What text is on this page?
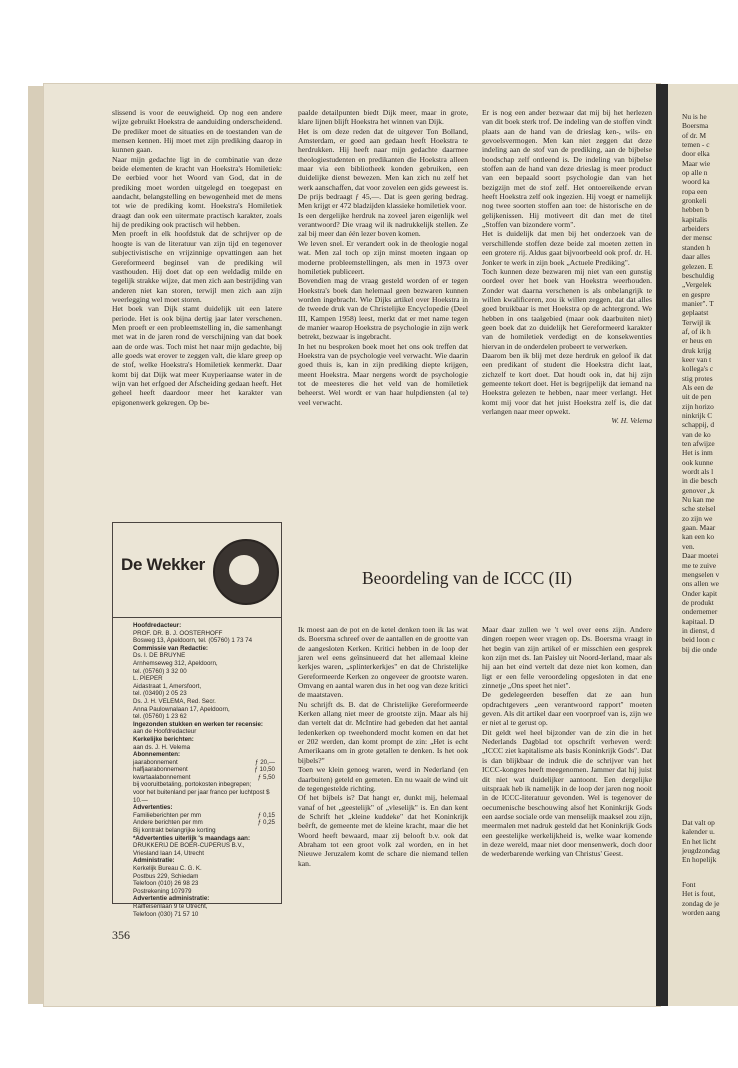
slissend is voor de eeuwigheid. Op nog een andere wijze gebruikt Hoekstra de aanduiding onderscheidend. De prediker moet de situaties en de toestanden van de mensen kennen. Hij moet met zijn prediking daarop in kunnen gaan.

Naar mijn gedachte ligt in de combinatie van deze beide elementen de kracht van Hoekstra's Homiletiek: De eerbied voor het Woord van God, dat in de prediking moet worden uitgelegd en toegepast en aandacht, belangstelling en bewogenheid met de mens tot wie de prediking komt. Hoekstra's Homiletiek draagt dan ook een uitermate practisch karakter, zoals hij de prediking ook practisch wil hebben.

Men proeft in elk hoofdstuk dat de schrijver op de hoogte is van de literatuur van zijn tijd en tegenover subjectivistische en vrijzinnige opvattingen aan het Gereformeerd beginsel van de prediking wil vasthouden. Hij doet dat op een weldadig milde en tegelijk strakke wijze, dat men zich aan bestrijding van anderen niet kan storen, terwijl men zich aan zijn weerlegging wel moet storen.

Het boek van Dijk stamt duidelijk uit een latere periode. Het is ook bijna dertig jaar later verschenen. Men proeft er een probleemstelling in, die samenhangt met wat in de jaren rond de verschijning van dat boek aan de orde was. Toch mist het naar mijn gedachte, bij alle goeds wat erover te zeggen valt, die klare greep op de stof, welke Hoekstra's Homiletiek kenmerkt. Daar komt bij dat Dijk wat meer Kuyperiaanse water in de wijn van het erfgoed der Afscheiding gedaan heeft. Het geheel heeft daardoor meer het karakter van epigonenwerk gekregen. Op be-

paalde detailpunten biedt Dijk meer, maar in grote, klare lijnen blijft Hoekstra het winnen van Dijk.

Het is om deze reden dat de uitgever Ton Bolland, Amsterdam, er goed aan gedaan heeft Hoekstra te herdrukken. Hij heeft naar mijn gedachte daarmee theologiestudenten en predikanten die Hoekstra alleen maar via een bibliotheek konden gebruiken, een duidelijke dienst bewezen. Men kan zich nu zelf het werk aanschaffen, dat voor zovelen een gids geweest is. De prijs bedraagt ƒ 45,—. Dat is geen gering bedrag. Men krijgt er 472 bladzijden klassieke homiletiek voor.

Is een dergelijke herdruk na zoveel jaren eigenlijk wel verantwoord? Die vraag wil ik nadrukkelijk stellen. Ze zal bij meer dan één lezer boven komen.

We leven snel. Er verandert ook in de theologie nogal wat. Men zal toch op zijn minst moeten ingaan op moderne probleemstellingen, als men in 1973 over homiletiek publiceert.

Bovendien mag de vraag gesteld worden of er tegen Hoekstra's boek dan helemaal geen bezwaren kunnen worden ingebracht. Wie Dijks artikel over Hoekstra in de tweede druk van de Christelijke Encyclopedie (Deel III, Kampen 1958) leest, merkt dat er met name tegen de manier waarop Hoekstra de psychologie in zijn werk betrekt, bezwaar is ingebracht.

In het nu besproken boek moet het ons ook treffen dat Hoekstra van de psychologie veel verwacht. Wie daarin goed thuis is, kan in zijn prediking diepte krijgen, meent Hoekstra. Maar nergens wordt de psychologie tot de meesteres die het veld van de homiletiek beheerst. Wel wordt er van haar hulpdiensten (al te) veel verwacht.

Er is nog een ander bezwaar dat mij bij het herlezen van dit boek sterk trof. De indeling van de stoffen vindt plaats aan de hand van de drieslag ken-, wils- en gevoelsvermogen. Men kan niet zeggen dat deze indeling aan de stof van de prediking, aan de bijbelse boodschap zelf ontleend is. De indeling van bijbelse stoffen aan de hand van deze drieslag is meer product van een bepaald soort psychologie dan van het bezigzijn met de stof zelf. Het ontoereikende ervan heeft Hoekstra zelf ook ingezien. Hij voegt er namelijk nog twee soorten stoffen aan toe: de historische en de gelijkenissen. Hij motiveert dit dan met de titel „Stoffen van bizondere vorm".

Het is duidelijk dat men bij het onderzoek van de verschillende stoffen deze beide zal moeten zetten in een grotere rij. Aldus gaat bijvoorbeeld ook prof. dr. H. Jonker te werk in zijn boek „Actuele Prediking".

Toch kunnen deze bezwaren mij niet van een gunstig oordeel over het boek van Hoekstra weerhouden. Zonder wat daarna verschenen is als onbelangrijk te willen kwalificeren, zou ik willen zeggen, dat dat alles goed bruikbaar is met Hoekstra op de achtergrond. We hebben in ons taalgebied (maar ook daarbuiten niet) geen boek dat zo duidelijk het Gereformeerd karakter van de homiletiek verdedigt en de konsekwenties hiervan in de onderdelen probeert te verwerken.

Daarom ben ik blij met deze herdruk en geloof ik dat een predikant of student die Hoekstra dicht laat, zichzelf te kort doet. Dat houdt ook in, dat hij zijn gemeente tekort doet. Het is begrijpelijk dat iemand na Hoekstra gelezen te hebben, naar meer verlangt. Het komt mij voor dat het juist Hoekstra zelf is, die dat verlangen naar meer opwekt.

W. H. Velema

De Wekker
Hoofdredacteur:
PROF. DR. B. J. OOSTERHOFF
Bosweg 13, Apeldoorn, tel. (05760) 1 73 74
Commissie van Redactie:
Ds. I. DE BRUYNE
Arnhemseweg 312, Apeldoorn,
tel. (05760) 3 32 00
L. PIEPER
Aidastraat 1, Amersfoort,
tel. (03490) 2 05 23
Ds. J. H. VELEMA, Red. Secr.
Anna Paulownalaan 17, Apeldoorn,
tel. (05760) 1 23 62
Ingezonden stukken en werken ter recensie:
aan de Hoofdredacteur
Kerkelijke berichten:
aan ds. J. H. Velema
Abonnementen:
jaarabonnement	ƒ 20,—
halfjaarabonnement	ƒ 10,50
kwartaalabonnement	ƒ 5,50
bij vooruitbetaling, portokosten inbegrepen;
voor het buitenland per jaar franco per luchtpost $ 10.—
Advertenties:
Familieberichten per mm	ƒ 0,15
Andere berichten per mm	ƒ 0,25
Bij kontrakt belangrijke korting
*Advertenties uiterlijk 's maandags aan:
DRUKKERIJ DE BOER-CUPERUS B.V.,
Vriesland laan 14, Utrecht
Administratie:
Kerkelijk Bureau C. G. K.
Postbus 229, Schiedam
Telefoon (010) 26 98 23
Postrekening 107979
Advertentie administratie:
Raiffeisenlaan 9 te Utrecht,
Telefoon (030) 71 57 10
Beoordeling van de ICCC (II)

Ik moest aan de pot en de ketel denken toen ik las wat ds. Boersma schreef over de aantallen en de grootte van de aangesloten Kerken. Kritici hebben in de loop der jaren wel eens geïnsinueerd dat het allemaal kleine kerkjes waren, „splinterkerkjes" en dat de Christelijke Gereformeerde Kerken zo ongeveer de grootste waren. Omvang en aantal waren dus in het oog van deze kritici de maatstaven.

Nu schrijft ds. B. dat de Christelijke Gereformeerde Kerken allang niet meer de grootste zijn. Maar als hij dan vertelt dat dr. McIntire had gebeden dat het aantal ledenkerken op tweehonderd mocht komen en dat het er 202 werden, dan komt prompt de zin: „Het is echt Amerikaans om in grote getallen te denken. Is het ook bijbels?"

Toen we klein genoeg waren, werd in Nederland (en daarbuiten) geteld en gemeten. En nu waait de wind uit de tegengestelde richting.

Of het bijbels is? Dat hangt er, dunkt mij, helemaal vanaf of het „geestelijk" of „vleselijk" is. En dan kent de Schrift het „kleine kuddeke" dat het Koninkrijk beërft, de gemeente met de kleine kracht, maar die het Woord heeft bewaard, maar zij belooft b.v. ook dat Abraham tot een groot volk zal worden, en in het Nieuwe Jeruzalem komt de schare die niemand tellen kan.

Maar daar zullen we 't wel over eens zijn. Andere dingen roepen weer vragen op. Ds. Boersma vraagt in het begin van zijn artikel of er misschien een gesprek kon zijn met ds. Ian Paisley uit Noord-Ierland, maar als hij aan het eind vertelt dat deze niet kon komen, dan ligt er een felle veroordeling opgesloten in dat ene zinnetje „Ons speet het niet".

De gedelegeerden beseffen dat ze aan hun opdrachtgevers „een verantwoord rapport" moeten geven. Als dit artikel daar een voorproef van is, zijn we er niet al te gerust op.

Dit geldt wel heel bijzonder van de zin die in het Nederlands Dagblad tot opschrift verheven werd: „ICCC ziet kapitalisme als basis Koninkrijk Gods". Dat is dan blijkbaar de indruk die de schrijver van het ICCC-kongres heeft meegenomen. Jammer dat hij juist dit niet wat duidelijker aantoont. Een dergelijke uitspraak heb ik namelijk in de loop der jaren nog nooit in de ICCC-literatuur gevonden. Wel is tegenover de oecumenische beschouwing alsof het Koninkrijk Gods een aardse sociale orde van menselijk maaksel zou zijn, meermalen met nadruk gesteld dat het Koninkrijk Gods een geestelijke werkelijkheid is, welke waar komende in deze wereld, maar niet door mensenwerk, doch door de wederbarende werking van Christus' Geest.

356
Nu is he
Boersma
of dr. M
temen - c
door elka
Maar wie
op alle n
woord ka
ropa een
gronkeli
hebben b
kapitalis
arbeiders
der mensc
standen h
daar alles
gelezen. E
beschuldig
„Vergelek
en gespre
manier". T
geplaatst
Terwijl ik
af, of ik h
er heus en
druk krijg
keer van t
kollega's c
stig protes
Als een de
uit de pen
zijn horizo
ninkrijk C
schappij, d
van de ko
ten afwijze
Het is inm
ook kunne
wordt als l
in die besch
genover „k
Nu kan me
sche stelsel
zo zijn we
gaan. Maar
kan een ko
ven.
Daar moetei
me te zuive
mengselen v
ons allen we
Onder kapit
de produkt
ondernemer
kapitaal. D
in dienst, d
beid loon c
bij die onde
Dat valt op
kalender u.
En het licht
jeugdzondag
En hopelijk
Font
Het is fout,
zondag de je
worden aang
